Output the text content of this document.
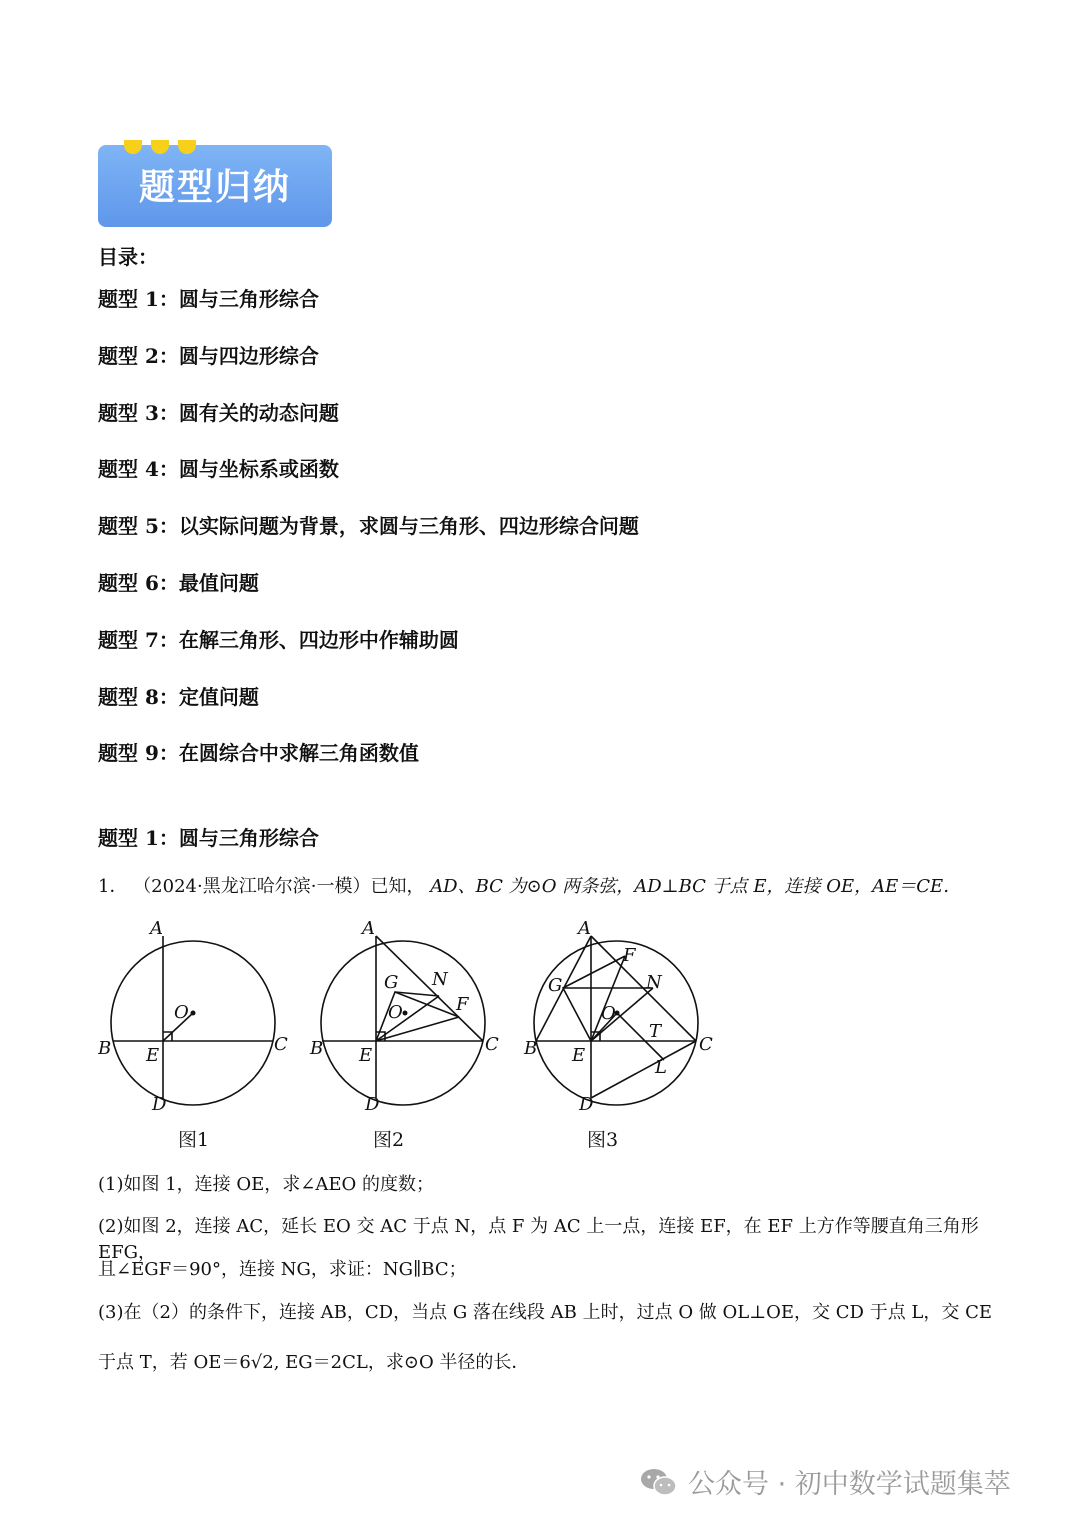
题型归纳
目录：
题型 1：圆与三角形综合
题型 2：圆与四边形综合
题型 3：圆有关的动态问题
题型 4：圆与坐标系或函数
题型 5：以实际问题为背景，求圆与三角形、四边形综合问题
题型 6：最值问题
题型 7：在解三角形、四边形中作辅助圆
题型 8：定值问题
题型 9：在圆综合中求解三角函数值
题型 1：圆与三角形综合
1． （2024·黑龙江哈尔滨·一模）已知， AD、BC 为⊙O 两条弦，AD⊥BC 于点 E，连接 OE，AE＝CE．
A
B	C
D
E
O
A
B	C
D
E
O
G N
F
A
B	C
D
E
O
G	N
F
T
L
图1	图2	图3
(1)如图 1，连接 OE，求∠AEO 的度数；
(2)如图 2，连接 AC，延长 EO 交 AC 于点 N，点 F 为 AC 上一点，连接 EF，在 EF 上方作等腰直角三角形 EFG，
且∠EGF＝90°，连接 NG，求证：NG∥BC；
(3)在（2）的条件下，连接 AB，CD，当点 G 落在线段 AB 上时，过点 O 做 OL⊥OE，交 CD 于点 L，交 CE
于点 T，若 OE＝6√2, EG＝2CL，求⊙O 半径的长．
公众号 · 初中数学试题集萃
